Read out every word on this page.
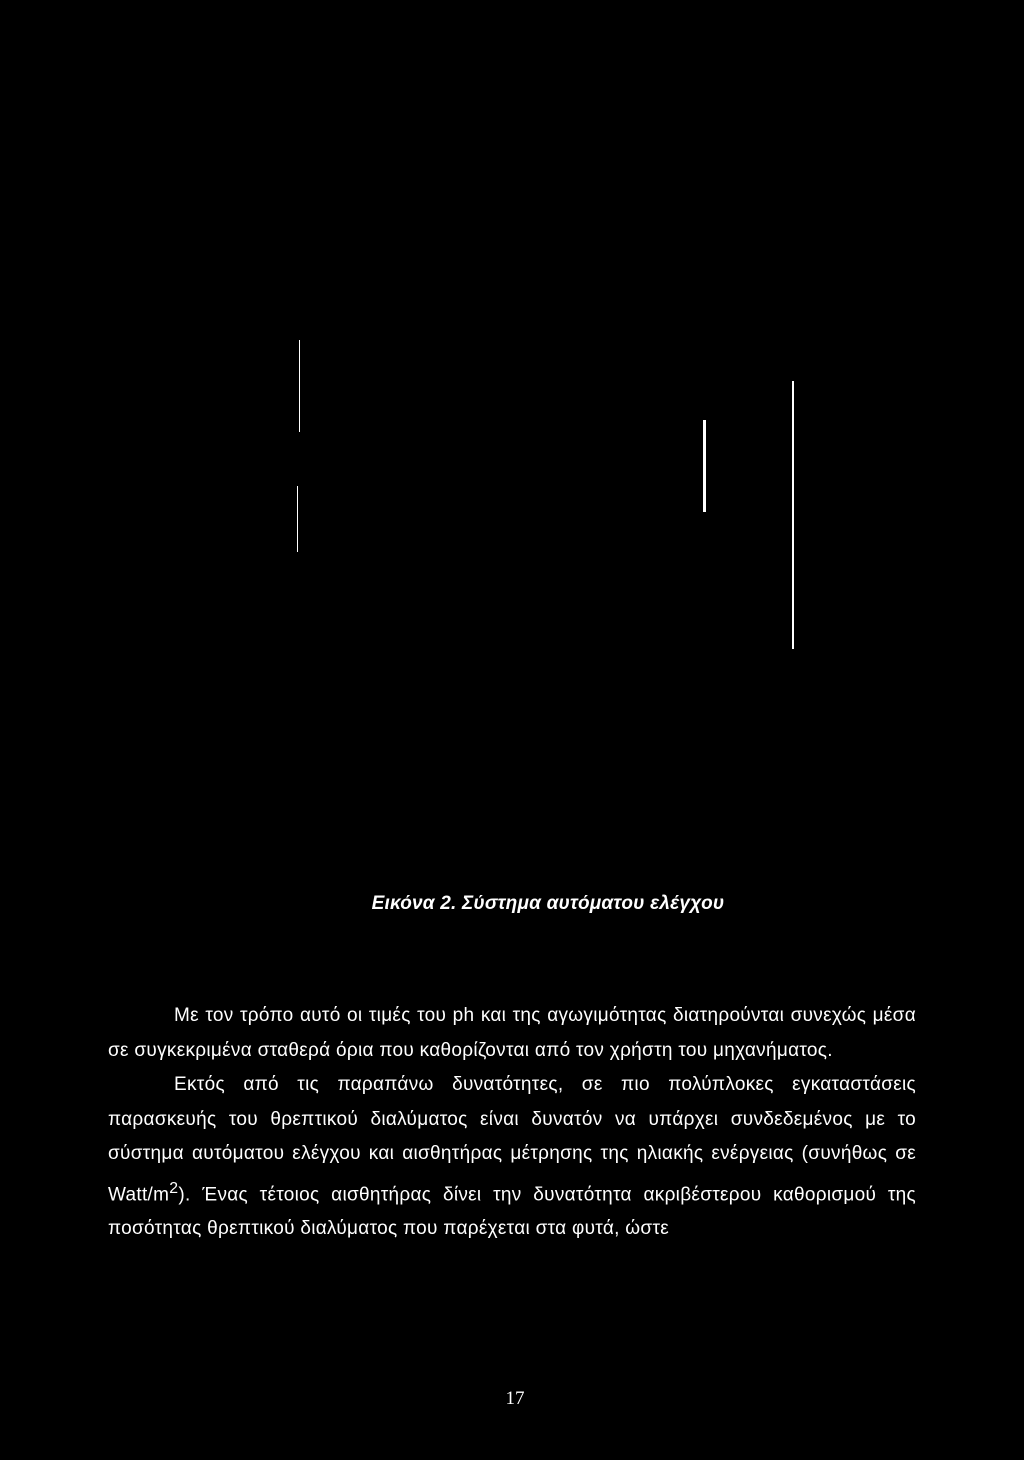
Εικόνα 2. Σύστημα αυτόματου ελέγχου

Με τον τρόπο αυτό οι τιμές του ph και της αγωγιμότητας διατηρούνται συνεχώς μέσα σε συγκεκριμένα σταθερά όρια που καθορίζονται από τον χρήστη του μηχανήματος.

Εκτός από τις παραπάνω δυνατότητες, σε πιο πολύπλοκες εγκαταστάσεις παρασκευής του θρεπτικού διαλύματος είναι δυνατόν να υπάρχει συνδεδεμένος με το σύστημα αυτόματου ελέγχου και αισθητήρας μέτρησης της ηλιακής ενέργειας (συνήθως σε Watt/$m^2$). Ένας τέτοιος αισθητήρας δίνει την δυνατότητα ακριβέστερου καθορισμού της ποσότητας θρεπτικού διαλύματος που παρέχεται στα φυτά, ώστε

17
